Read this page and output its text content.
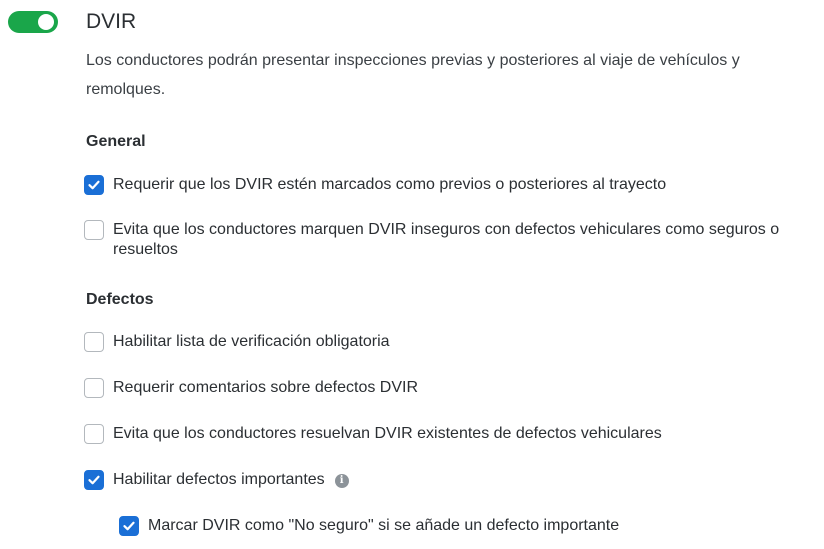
DVIR
Los conductores podrán presentar inspecciones previas y posteriores al viaje de vehículos y remolques.
General
Requerir que los DVIR estén marcados como previos o posteriores al trayecto
Evita que los conductores marquen DVIR inseguros con defectos vehiculares como seguros o resueltos
Defectos
Habilitar lista de verificación obligatoria
Requerir comentarios sobre defectos DVIR
Evita que los conductores resuelvan DVIR existentes de defectos vehiculares
Habilitar defectos importantes i
Marcar DVIR como "No seguro" si se añade un defecto importante
